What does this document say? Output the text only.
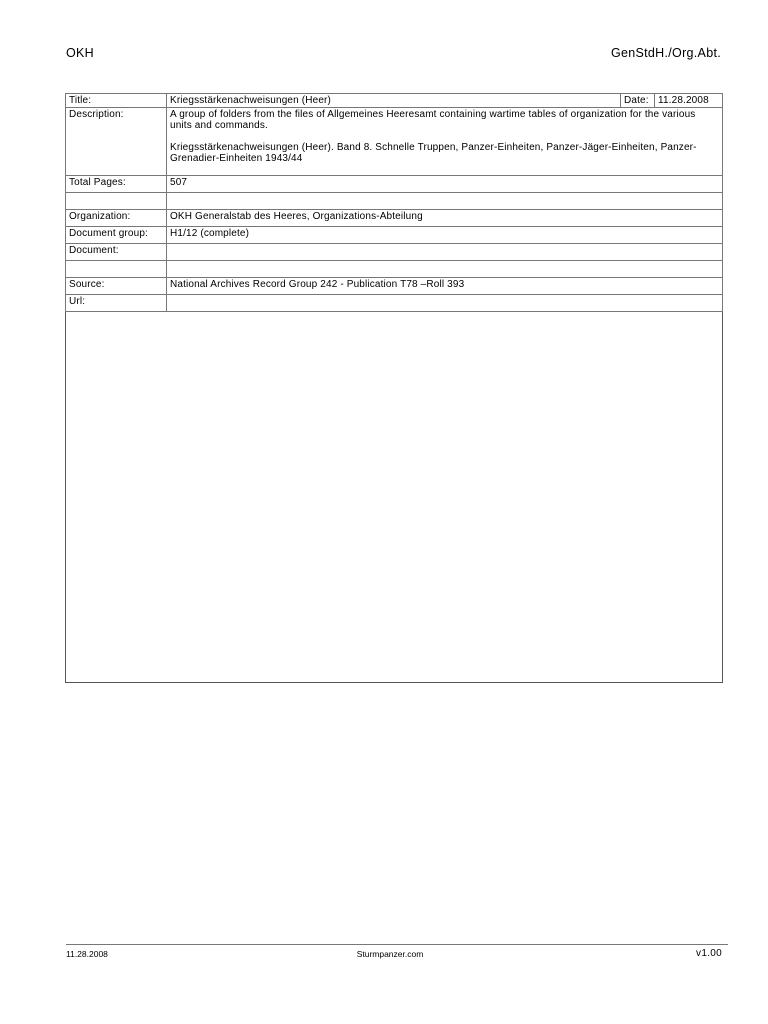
OKH	GenStdH./Org.Abt.
Title:	Kriegsstärkenachweisungen (Heer)	Date:	11.28.2008
Description:	A group of folders from the files of Allgemeines Heeresamt containing wartime tables of organization for the various units and commands.

Kriegsstärkenachweisungen (Heer). Band 8. Schnelle Truppen, Panzer-Einheiten, Panzer-Jäger-Einheiten, Panzer-Grenadier-Einheiten 1943/44		

Total Pages:	507		

Organization:	OKH Generalstab des Heeres, Organizations-Abteilung		
Document group:	H1/12 (complete)		
Document:			

Source:	National Archives Record Group 242 - Publication T78 –Roll 393		
Url:			
11.28.2008	Sturmpanzer.com	v1.00
